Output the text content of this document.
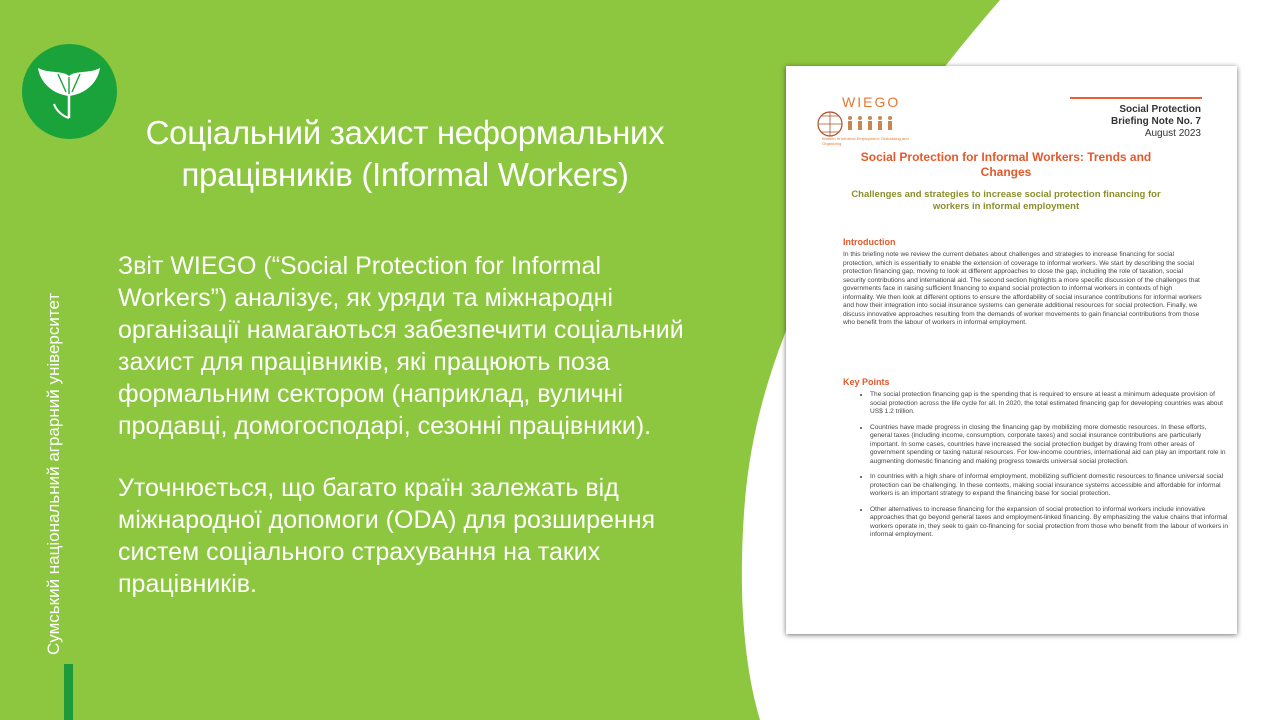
Соціальний захист неформальних працівників (Informal Workers)
Сумський національний аграрний університет

Звіт WIEGO (“Social Protection for Informal Workers”) аналізує, як уряди та міжнародні організації намагаються забезпечити соціальний захист для працівників, які працюють поза формальним сектором (наприклад, вуличні продавці, домогосподарі, сезонні працівники).

Уточнюється, що багато країн залежать від міжнародної допомоги (ODA) для розширення систем соціального страхування на таких працівників.

WIEGO
Women in Informal Employment: Globalizing and Organizing
Social Protection
Briefing Note No. 7
August 2023
Social Protection for Informal Workers: Trends and Changes
Challenges and strategies to increase social protection financing for workers in informal employment
Introduction
In this briefing note we review the current debates about challenges and strategies to increase financing for social protection, which is essentially to enable the extension of coverage to informal workers. We start by describing the social protection financing gap, moving to look at different approaches to close the gap, including the role of taxation, social security contributions and international aid. The second section highlights a more specific discussion of the challenges that governments face in raising sufficient financing to expand social protection to informal workers in contexts of high informality. We then look at different options to ensure the affordability of social insurance contributions for informal workers and how their integration into social insurance systems can generate additional resources for social protection. Finally, we discuss innovative approaches resulting from the demands of worker movements to gain financial contributions from those who benefit from the labour of workers in informal employment.
Key Points
• The social protection financing gap is the spending that is required to ensure at least a minimum adequate provision of social protection across the life cycle for all. In 2020, the total estimated financing gap for developing countries was about US$ 1.2 trillion.
• Countries have made progress in closing the financing gap by mobilizing more domestic resources. In these efforts, general taxes (including income, consumption, corporate taxes) and social insurance contributions are particularly important. In some cases, countries have increased the social protection budget by drawing from other areas of government spending or taxing natural resources. For low-income countries, international aid can play an important role in augmenting domestic financing and making progress towards universal social protection.
• In countries with a high share of informal employment, mobilizing sufficient domestic resources to finance universal social protection can be challenging. In these contexts, making social insurance systems accessible and affordable for informal workers is an important strategy to expand the financing base for social protection.
• Other alternatives to increase financing for the expansion of social protection to informal workers include innovative approaches that go beyond general taxes and employment-linked financing. By emphasizing the value chains that informal workers operate in, they seek to gain co-financing for social protection from those who benefit from the labour of workers in informal employment.
